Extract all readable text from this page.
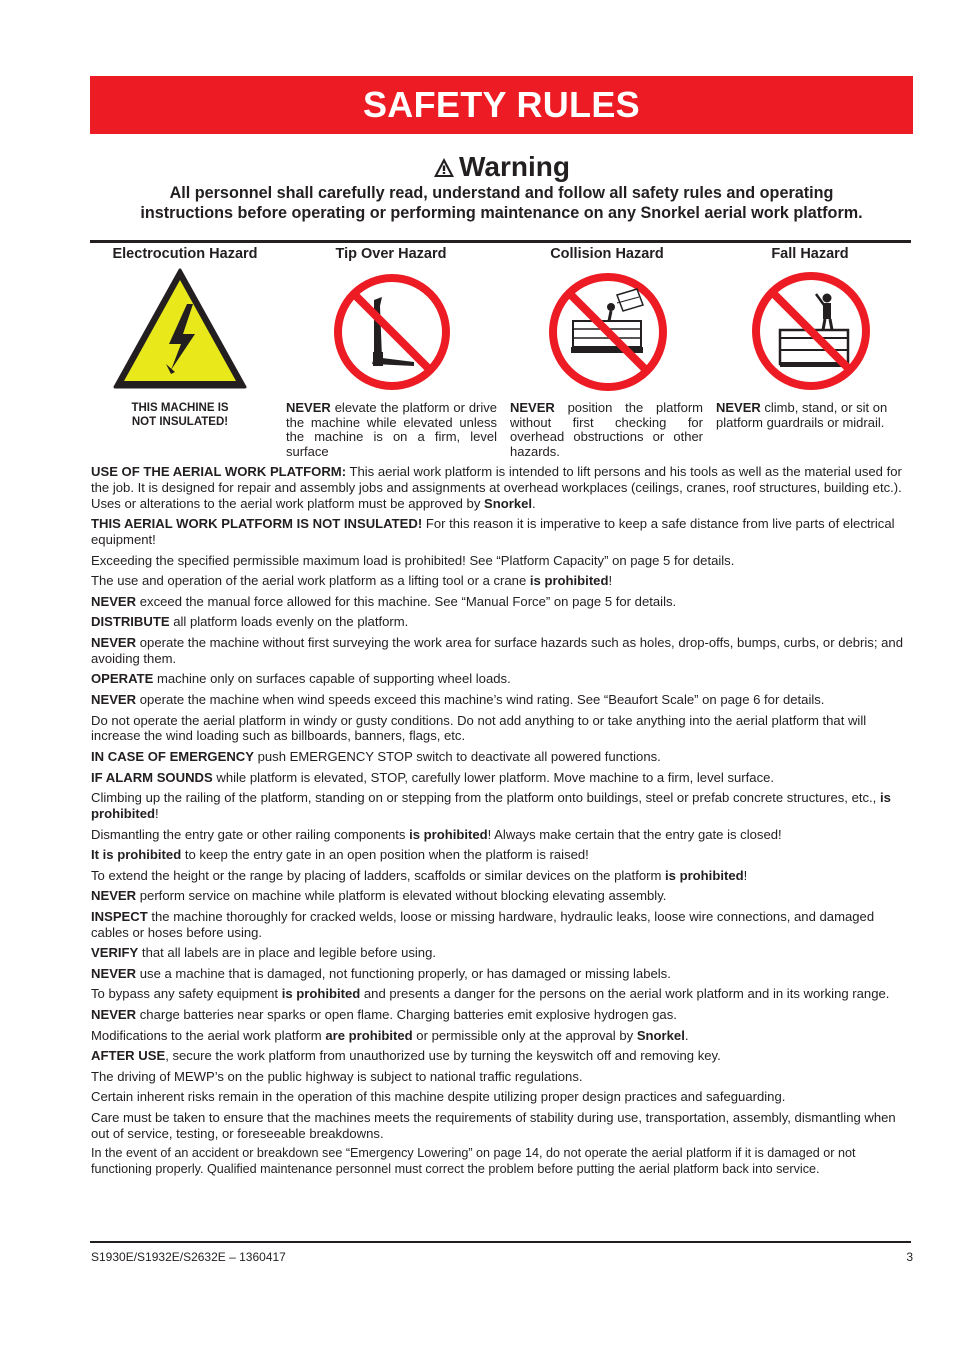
SAFETY RULES
Warning
All personnel shall carefully read, understand and follow all safety rules and operating
instructions before operating or performing maintenance on any Snorkel aerial work platform.
Electrocution Hazard	Tip Over Hazard	Collision Hazard	Fall Hazard
THIS MACHINE IS
NOT INSULATED!
NEVER elevate the platform or drive the machine while elevated unless the machine is on a firm, level surface
NEVER position the platform without first checking for overhead obstructions or other hazards.
NEVER climb, stand, or sit on platform guardrails or midrail.

USE OF THE AERIAL WORK PLATFORM: This aerial work platform is intended to lift persons and his tools as well as the material used for the job. It is designed for repair and assembly jobs and assignments at overhead workplaces (ceilings, cranes, roof structures, building etc.). Uses or alterations to the aerial work platform must be approved by Snorkel.

THIS AERIAL WORK PLATFORM IS NOT INSULATED! For this reason it is imperative to keep a safe distance from live parts of electrical equipment!

Exceeding the specified permissible maximum load is prohibited! See “Platform Capacity” on page 5 for details.

The use and operation of the aerial work platform as a lifting tool or a crane is prohibited!

NEVER exceed the manual force allowed for this machine. See “Manual Force” on page 5 for details.

DISTRIBUTE all platform loads evenly on the platform.

NEVER operate the machine without first surveying the work area for surface hazards such as holes, drop-offs, bumps, curbs, or debris; and avoiding them.

OPERATE machine only on surfaces capable of supporting wheel loads.

NEVER operate the machine when wind speeds exceed this machine’s wind rating. See “Beaufort Scale” on page 6 for details.

Do not operate the aerial platform in windy or gusty conditions. Do not add anything to or take anything into the aerial platform that will increase the wind loading such as billboards, banners, flags, etc.

IN CASE OF EMERGENCY push EMERGENCY STOP switch to deactivate all powered functions.

IF ALARM SOUNDS while platform is elevated, STOP, carefully lower platform. Move machine to a firm, level surface.

Climbing up the railing of the platform, standing on or stepping from the platform onto buildings, steel or prefab concrete structures, etc., is prohibited!

Dismantling the entry gate or other railing components is prohibited! Always make certain that the entry gate is closed!

It is prohibited to keep the entry gate in an open position when the platform is raised!

To extend the height or the range by placing of ladders, scaffolds or similar devices on the platform is prohibited!

NEVER perform service on machine while platform is elevated without blocking elevating assembly.

INSPECT the machine thoroughly for cracked welds, loose or missing hardware, hydraulic leaks, loose wire connections, and damaged cables or hoses before using.

VERIFY that all labels are in place and legible before using.

NEVER use a machine that is damaged, not functioning properly, or has damaged or missing labels.

To bypass any safety equipment is prohibited and presents a danger for the persons on the aerial work platform and in its working range.

NEVER charge batteries near sparks or open flame. Charging batteries emit explosive hydrogen gas.

Modifications to the aerial work platform are prohibited or permissible only at the approval by Snorkel.

AFTER USE, secure the work platform from unauthorized use by turning the keyswitch off and removing key.

The driving of MEWP’s on the public highway is subject to national traffic regulations.

Certain inherent risks remain in the operation of this machine despite utilizing proper design practices and safeguarding.

Care must be taken to ensure that the machines meets the requirements of stability during use, transportation, assembly, dismantling when out of service, testing, or foreseeable breakdowns.

In the event of an accident or breakdown see “Emergency Lowering” on page 14, do not operate the aerial platform if it is damaged or not functioning properly. Qualified maintenance personnel must correct the problem before putting the aerial platform back into service.

S1930E/S1932E/S2632E – 1360417	3
